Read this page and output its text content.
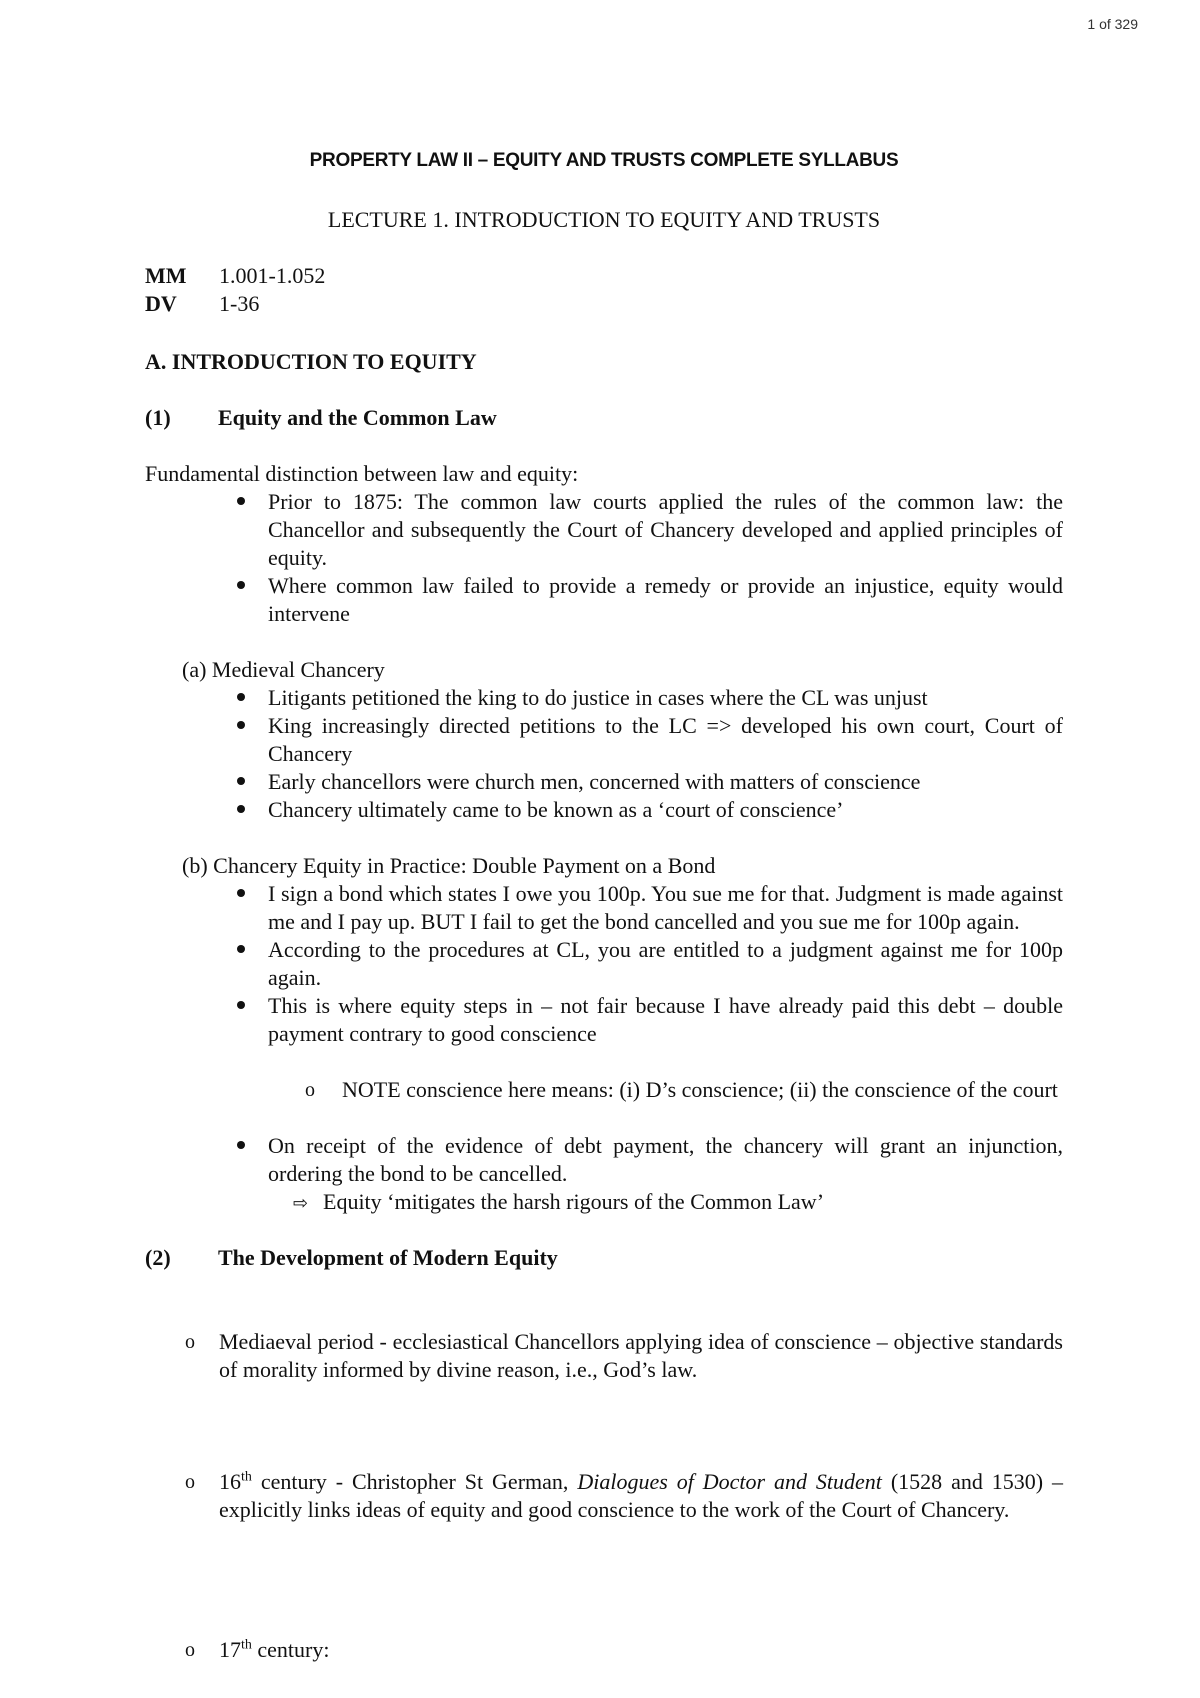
1 of 329
PROPERTY LAW II – EQUITY AND TRUSTS COMPLETE SYLLABUS
LECTURE 1. INTRODUCTION TO EQUITY AND TRUSTS
MM 1.001-1.052
DV 1-36
A. INTRODUCTION TO EQUITY
(1) Equity and the Common Law
Fundamental distinction between law and equity:
Prior to 1875: The common law courts applied the rules of the common law: the Chancellor and subsequently the Court of Chancery developed and applied principles of equity.
Where common law failed to provide a remedy or provide an injustice, equity would intervene
(a) Medieval Chancery
Litigants petitioned the king to do justice in cases where the CL was unjust
King increasingly directed petitions to the LC => developed his own court, Court of Chancery
Early chancellors were church men, concerned with matters of conscience
Chancery ultimately came to be known as a ‘court of conscience’
(b) Chancery Equity in Practice: Double Payment on a Bond
I sign a bond which states I owe you 100p. You sue me for that. Judgment is made against me and I pay up. BUT I fail to get the bond cancelled and you sue me for 100p again.
According to the procedures at CL, you are entitled to a judgment against me for 100p again.
This is where equity steps in – not fair because I have already paid this debt – double payment contrary to good conscience
o	NOTE conscience here means: (i) D’s conscience; (ii) the conscience of the court
On receipt of the evidence of debt payment, the chancery will grant an injunction, ordering the bond to be cancelled.
⇨ Equity ‘mitigates the harsh rigours of the Common Law’
(2) The Development of Modern Equity
o	Mediaeval period - ecclesiastical Chancellors applying idea of conscience – objective standards of morality informed by divine reason, i.e., God’s law.
o	16th century - Christopher St German, Dialogues of Doctor and Student (1528 and 1530) – explicitly links ideas of equity and good conscience to the work of the Court of Chancery.
o	17th century:
